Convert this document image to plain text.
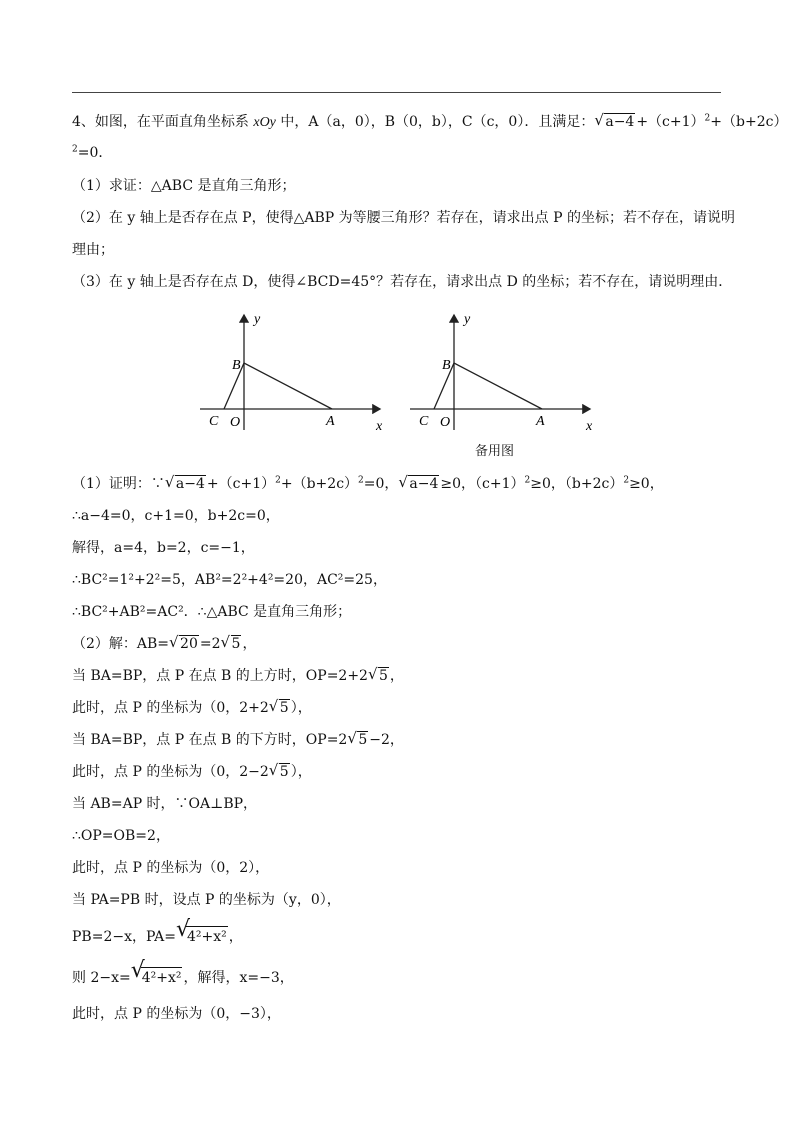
4、如图，在平面直角坐标系 xOy 中，A（a，0），B（0，b），C（c，0）．且满足： √ $a-4 +(c+1)^2+(b+2c)$
$^2$=0．
（1）求证：△ABC 是直角三角形；
（2）在 y 轴上是否存在点 P，使得△ABP 为等腰三角形？若存在，请求出点 P 的坐标；若不存在，请说明
理由；
（3）在 y 轴上是否存在点 D，使得∠BCD=45°？若存在，请求出点 D 的坐标；若不存在，请说明理由．
y
x
B
C O	A
y
x
B
C O	A
备用图
（1）证明：∵ √ $a-4 +(c+1)^2+(b+2c)^2=0$， √ a−4 ≥0，$(c+1)^2\ge 0$，$(b+2c)^2\ge 0$，
∴a−4=0，c+1=0，b+2c=0，
解得，a=4，b=2，c=−1，
∴BC²=1²+2²=5，AB²=2²+4²=20，AC²=25，
∴BC²+AB²=AC²．∴△ABC 是直角三角形；
（2）解：AB= √ 20 =2 √ 5 ，
当 BA=BP，点 P 在点 B 的上方时，OP=2+2 √ 5 ，
此时，点 P 的坐标为（0，2+2 √ 5 ），
当 BA=BP，点 P 在点 B 的下方时，OP=2 √ 5 −2，
此时，点 P 的坐标为（0，2−2 √ 5 ），
当 AB=AP 时，∵OA⊥BP，
∴OP=OB=2，
此时，点 P 的坐标为（0，2），
当 PA=PB 时，设点 P 的坐标为（y，0），
PB=2−x，PA= √ 4²+x² ，
则 2−x= √ 4²+x² ，解得，x=−3，
此时，点 P 的坐标为（0，−3），
